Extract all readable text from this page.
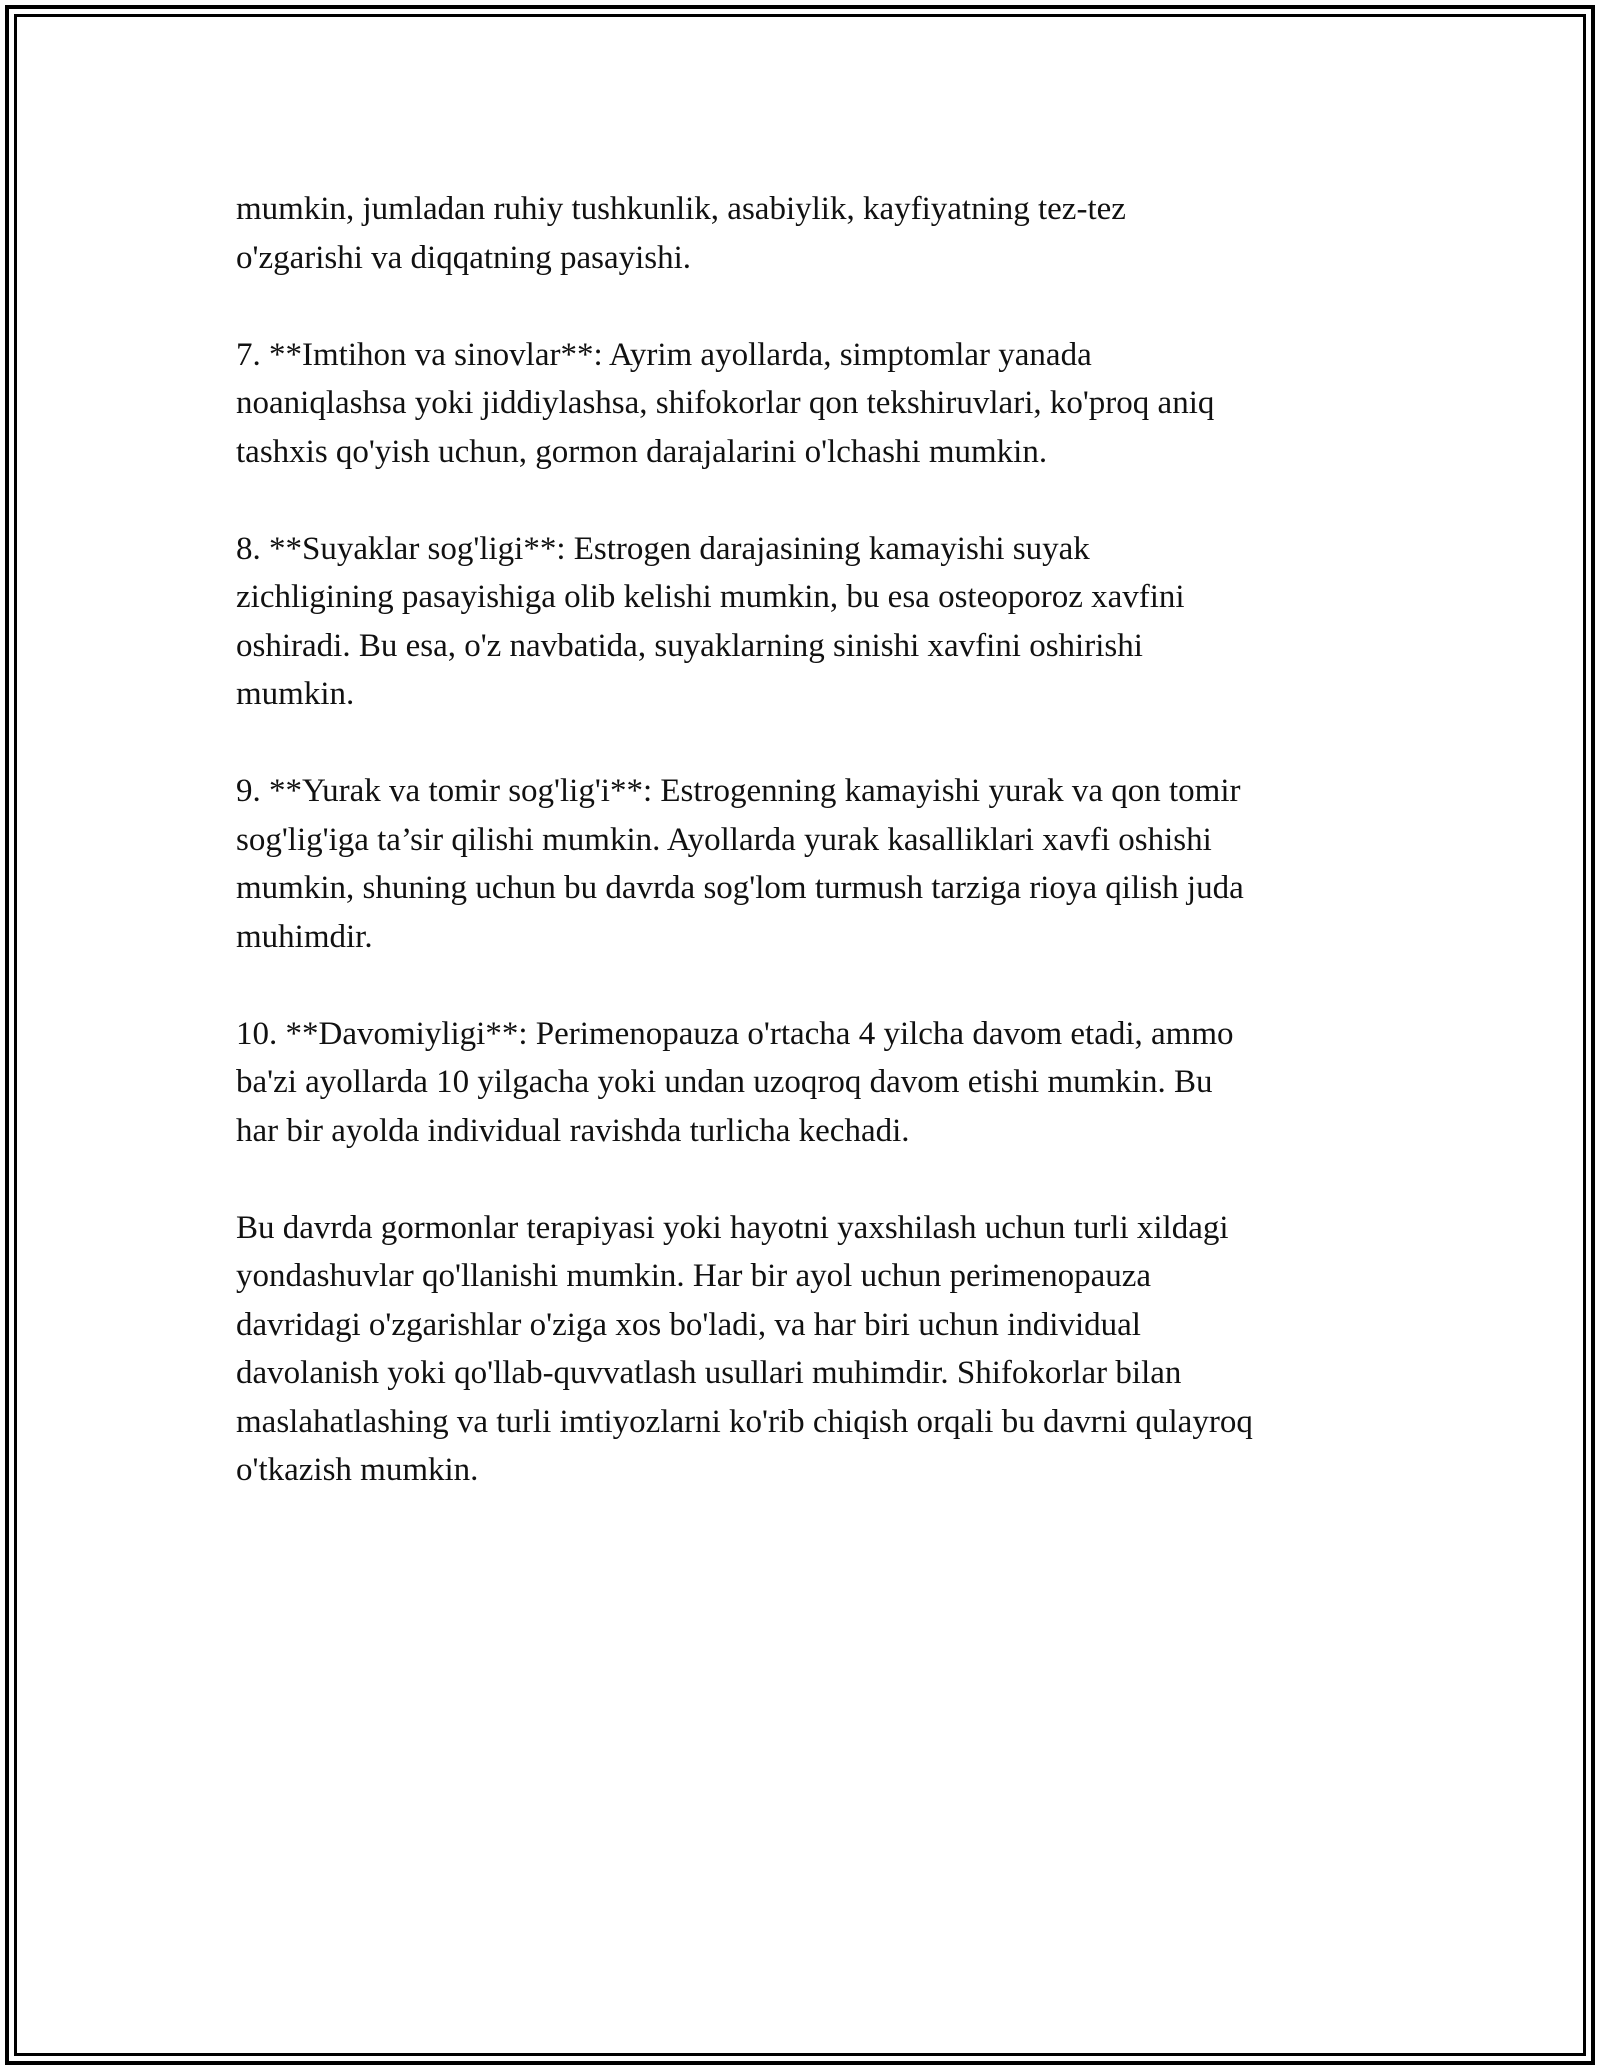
mumkin, jumladan ruhiy tushkunlik, asabiylik, kayfiyatning tez-tez
o'zgarishi va diqqatning pasayishi.

7. **Imtihon va sinovlar**: Ayrim ayollarda, simptomlar yanada
noaniqlashsa yoki jiddiylashsa, shifokorlar qon tekshiruvlari, ko'proq aniq
tashxis qo'yish uchun, gormon darajalarini o'lchashi mumkin.

8. **Suyaklar sog'ligi**: Estrogen darajasining kamayishi suyak
zichligining pasayishiga olib kelishi mumkin, bu esa osteoporoz xavfini
oshiradi. Bu esa, o'z navbatida, suyaklarning sinishi xavfini oshirishi
mumkin.

9. **Yurak va tomir sog'lig'i**: Estrogenning kamayishi yurak va qon tomir
sog'lig'iga ta’sir qilishi mumkin. Ayollarda yurak kasalliklari xavfi oshishi
mumkin, shuning uchun bu davrda sog'lom turmush tarziga rioya qilish juda
muhimdir.

10. **Davomiyligi**: Perimenopauza o'rtacha 4 yilcha davom etadi, ammo
ba'zi ayollarda 10 yilgacha yoki undan uzoqroq davom etishi mumkin. Bu
har bir ayolda individual ravishda turlicha kechadi.

Bu davrda gormonlar terapiyasi yoki hayotni yaxshilash uchun turli xildagi
yondashuvlar qo'llanishi mumkin. Har bir ayol uchun perimenopauza
davridagi o'zgarishlar o'ziga xos bo'ladi, va har biri uchun individual
davolanish yoki qo'llab-quvvatlash usullari muhimdir. Shifokorlar bilan
maslahatlashing va turli imtiyozlarni ko'rib chiqish orqali bu davrni qulayroq
o'tkazish mumkin.
